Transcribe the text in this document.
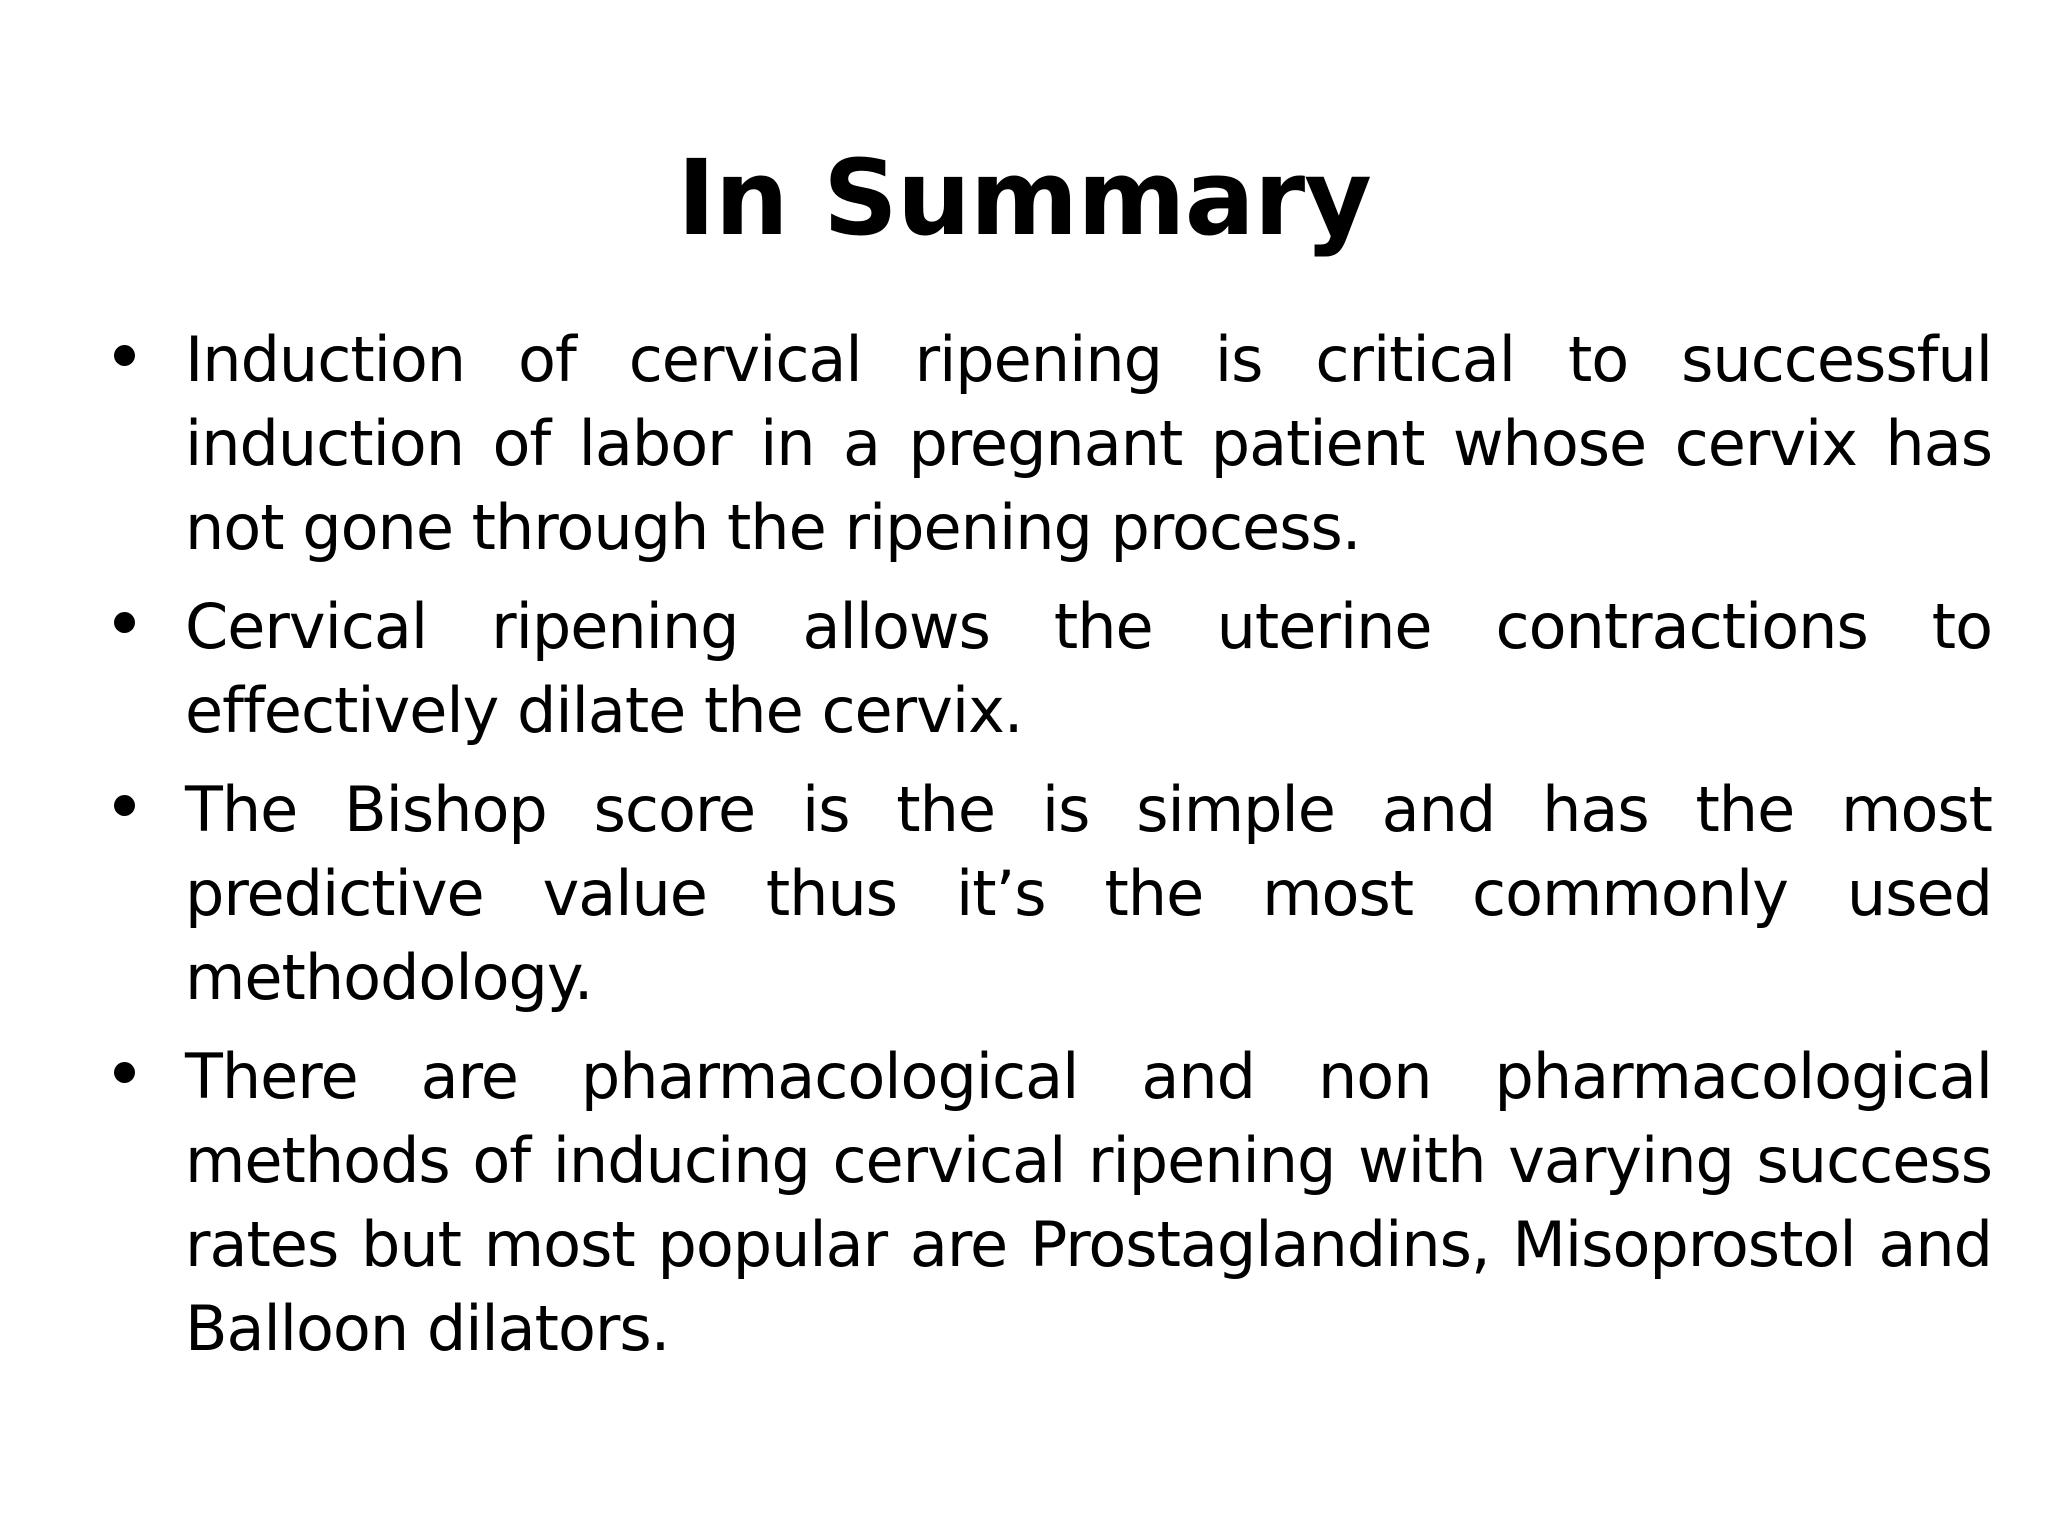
In Summary
Induction of cervical ripening is critical to successful induction of labor in a pregnant patient whose cervix has not gone through the ripening process.
Cervical ripening allows the uterine contractions to effectively dilate the cervix.
The Bishop score is the is simple and has the most predictive value thus it’s the most commonly used methodology.
There are pharmacological and non pharmacological methods of inducing cervical ripening with varying success rates but most popular are Prostaglandins, Misoprostol and Balloon dilators.
